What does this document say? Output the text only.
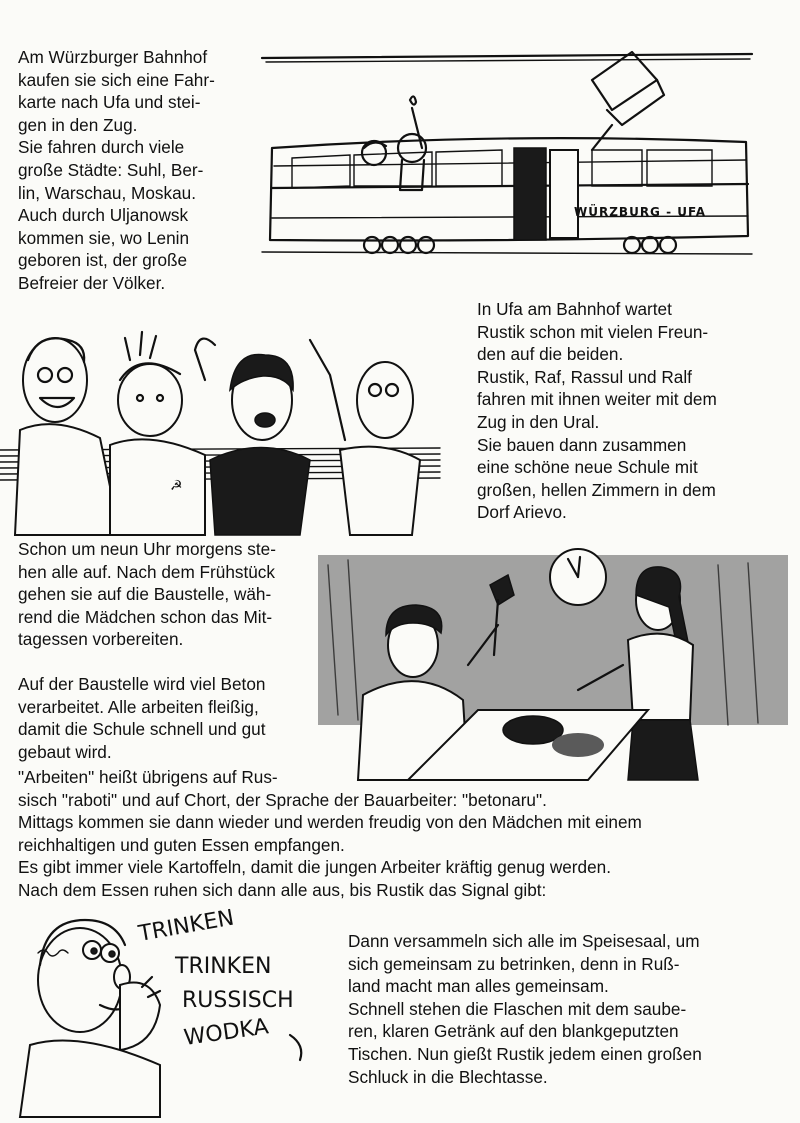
Am Würzburger Bahnhof

kaufen sie sich eine Fahr-

karte nach Ufa und stei-

gen in den Zug.

Sie fahren durch viele

große Städte: Suhl, Ber-

lin, Warschau, Moskau.

Auch durch Uljanowsk

kommen sie, wo Lenin

geboren ist, der große

Befreier der Völker.

WÜRZBURG - UFA
☭

In Ufa am Bahnhof wartet

Rustik schon mit vielen Freun-

den auf die beiden.

Rustik, Raf, Rassul und Ralf

fahren mit ihnen weiter mit dem

Zug in den Ural.

Sie bauen dann zusammen

eine schöne neue Schule mit

großen, hellen Zimmern in dem

Dorf Arievo.

Schon um neun Uhr morgens ste-

hen alle auf. Nach dem Frühstück

gehen sie auf die Baustelle, wäh-

rend die Mädchen schon das Mit-

tagessen vorbereiten.

Auf der Baustelle wird viel Beton

verarbeitet. Alle arbeiten fleißig,

damit die Schule schnell und gut

gebaut wird.

"Arbeiten" heißt übrigens auf Rus-

sisch "raboti" und auf Chort, der Sprache der Bauarbeiter: "betonaru".

Mittags kommen sie dann wieder und werden freudig von den Mädchen mit einem

reichhaltigen und guten Essen empfangen.

Es gibt immer viele Kartoffeln, damit die jungen Arbeiter kräftig genug werden.

Nach dem Essen ruhen sich dann alle aus, bis Rustik das Signal gibt:

TRINKEN
TRINKEN
RUSSISCH
WODKA

Dann versammeln sich alle im Speisesaal, um

sich gemeinsam zu betrinken, denn in Ruß-

land macht man alles gemeinsam.

Schnell stehen die Flaschen mit dem saube-

ren, klaren Getränk auf den blankgeputzten

Tischen. Nun gießt Rustik jedem einen großen

Schluck in die Blechtasse.
